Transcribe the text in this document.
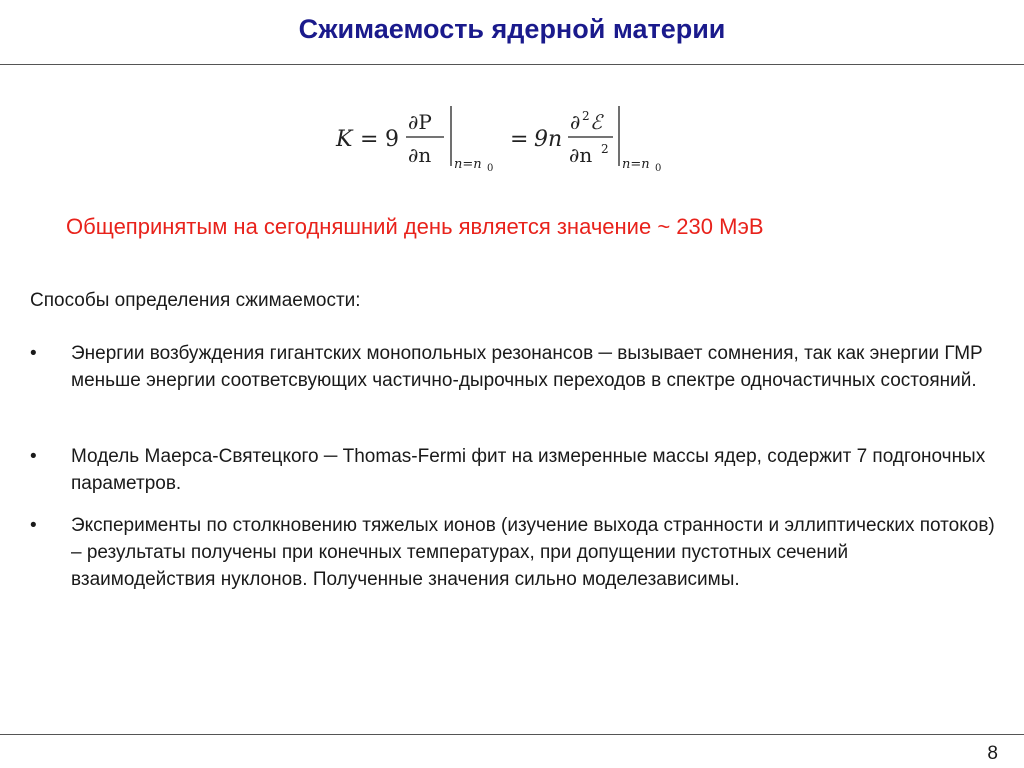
Сжимаемость ядерной материи
K = 9
∂P
∂n n=n 0
= 9n
∂ 2 ℰ
∂n 2
n=n 0
Общепринятым на сегодняшний день является значение ~ 230 МэВ
Способы определения сжимаемости:
• Энергии возбуждения гигантских монопольных резонансов ─ вызывает сомнения, так как энергии ГМР меньше энергии соответсвующих частично-дырочных переходов в спектре одночастичных состояний.
• Модель Маерса-Святецкого ─ Thomas-Fermi фит на измеренные массы ядер, содержит 7 подгоночных параметров.
• Эксперименты по столкновению тяжелых ионов (изучение выхода странности и эллиптических потоков) – результаты получены при конечных температурах, при допущении пустотных сечений взаимодействия нуклонов. Полученные значения сильно моделезависимы.
8
